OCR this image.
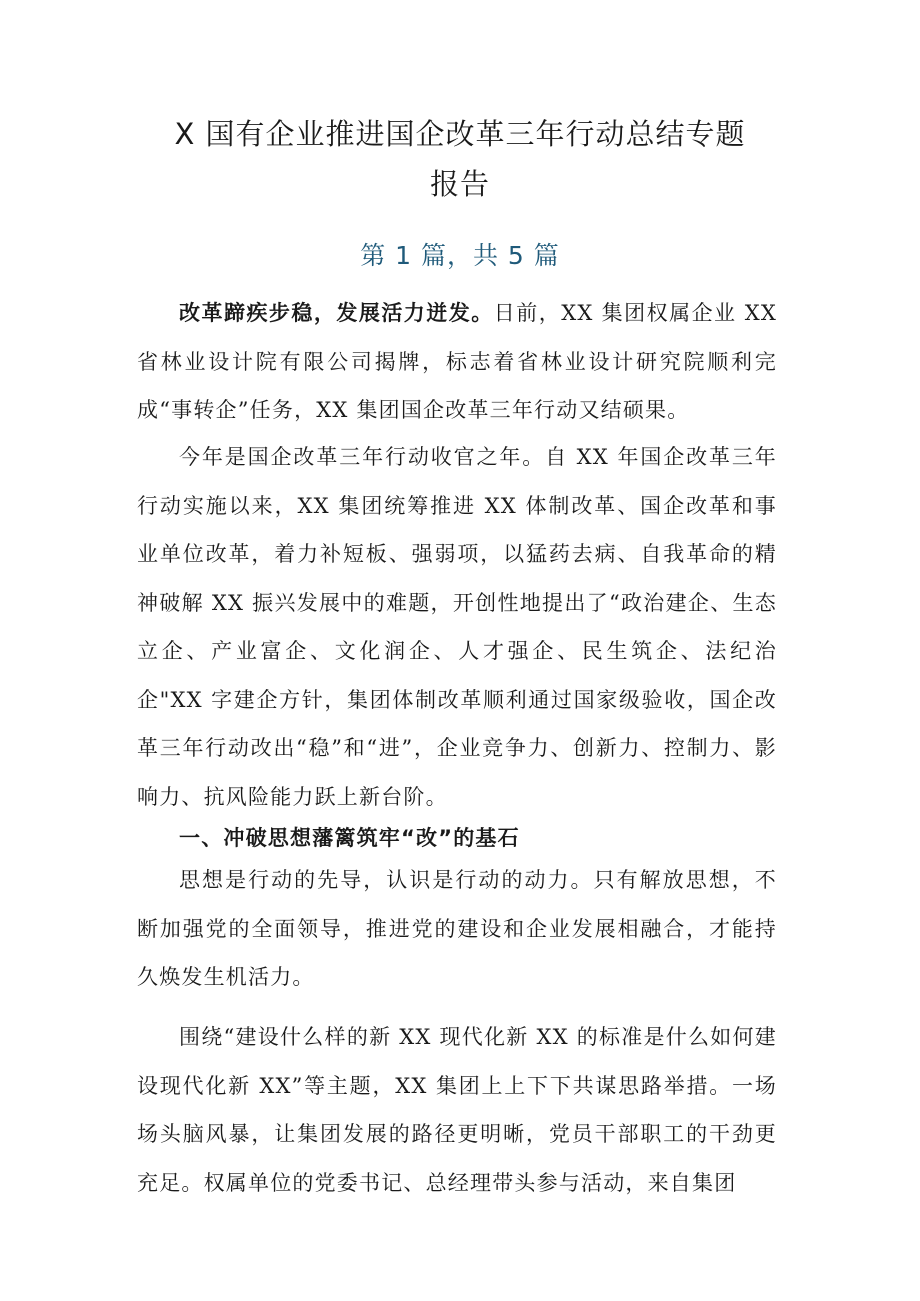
X 国有企业推进国企改革三年行动总结专题
报告
第 1 篇，共 5 篇

改革蹄疾步稳，发展活力迸发。日前，XX 集团权属企业 XX 省林业设计院有限公司揭牌，标志着省林业设计研究院顺利完成“事转企”任务，XX 集团国企改革三年行动又结硕果。

今年是国企改革三年行动收官之年。自 XX 年国企改革三年行动实施以来，XX 集团统筹推进 XX 体制改革、国企改革和事业单位改革，着力补短板、强弱项，以猛药去病、自我革命的精神破解 XX 振兴发展中的难题，开创性地提出了“政治建企、生态立企、产业富企、文化润企、人才强企、民生筑企、法纪治企"XX 字建企方针，集团体制改革顺利通过国家级验收，国企改革三年行动改出“稳”和“进”，企业竞争力、创新力、控制力、影响力、抗风险能力跃上新台阶。

一、冲破思想藩篱筑牢“改”的基石

思想是行动的先导，认识是行动的动力。只有解放思想，不断加强党的全面领导，推进党的建设和企业发展相融合，才能持久焕发生机活力。

围绕“建设什么样的新 XX 现代化新 XX 的标准是什么如何建设现代化新 XX”等主题，XX 集团上上下下共谋思路举措。一场场头脑风暴，让集团发展的路径更明晰，党员干部职工的干劲更充足。权属单位的党委书记、总经理带头参与活动，来自集团
